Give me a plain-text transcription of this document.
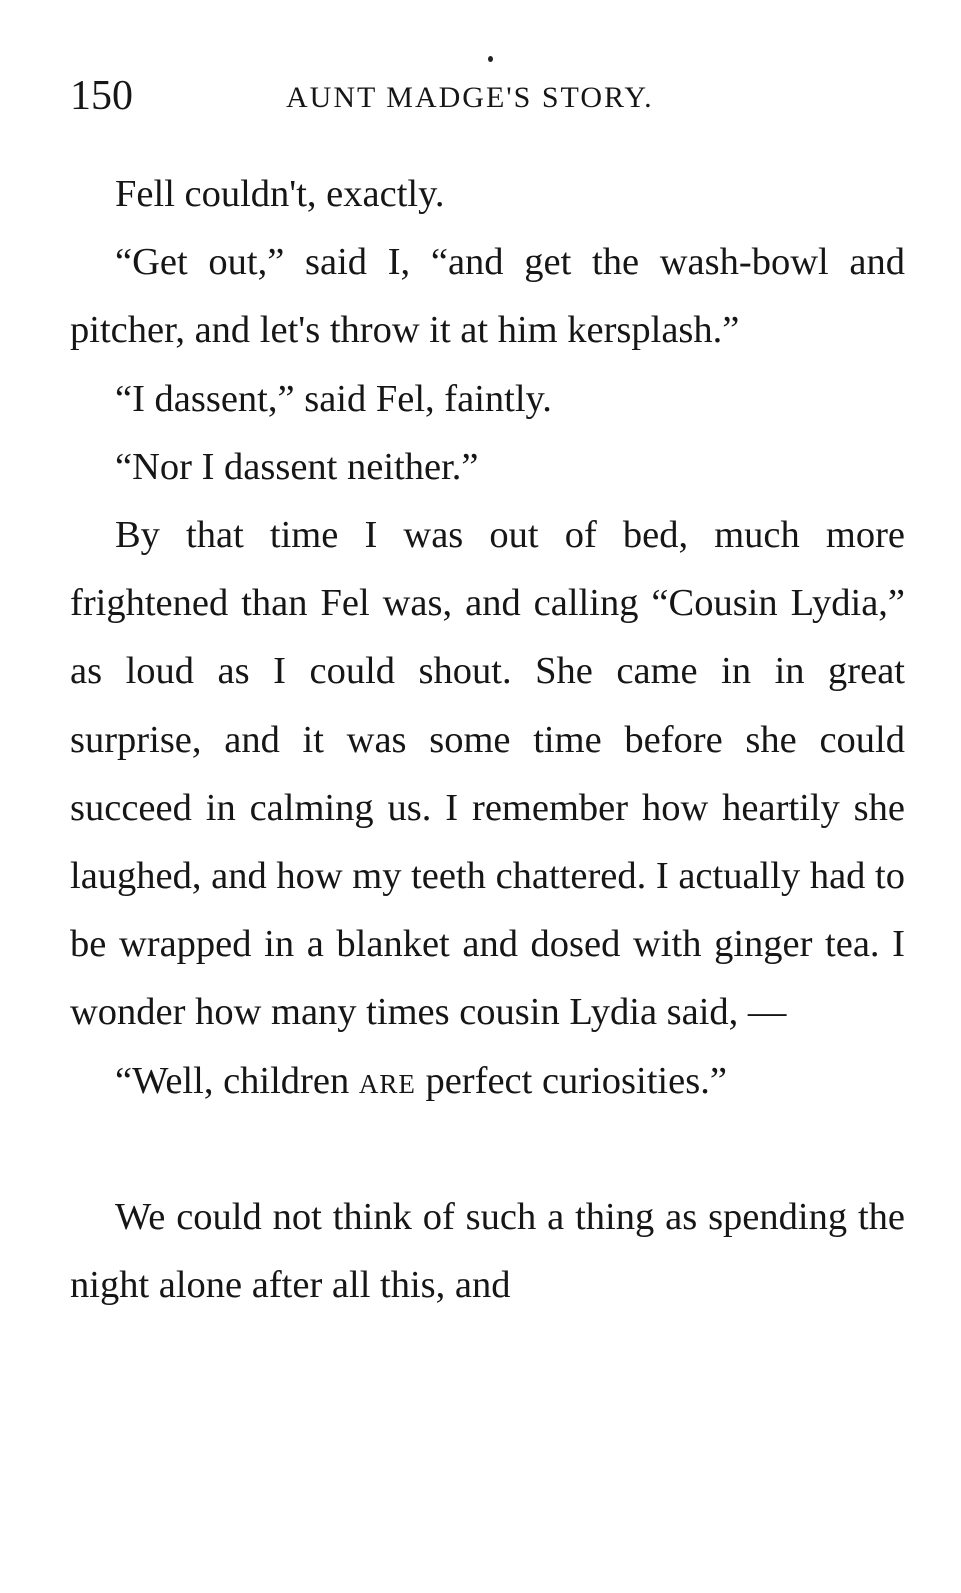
150	AUNT MADGE'S STORY.

Fell couldn't, exactly.

“Get out,” said I, “and get the wash-bowl and pitcher, and let's throw it at him kersplash.”

“I dassent,” said Fel, faintly.

“Nor I dassent neither.”

By that time I was out of bed, much more frightened than Fel was, and calling “Cousin Lydia,” as loud as I could shout. She came in in great surprise, and it was some time before she could succeed in calming us. I remember how heartily she laughed, and how my teeth chattered. I actually had to be wrapped in a blanket and dosed with ginger tea. I wonder how many times cousin Lydia said, —

“Well, children are perfect curiosities.”

We could not think of such a thing as spending the night alone after all this, and
